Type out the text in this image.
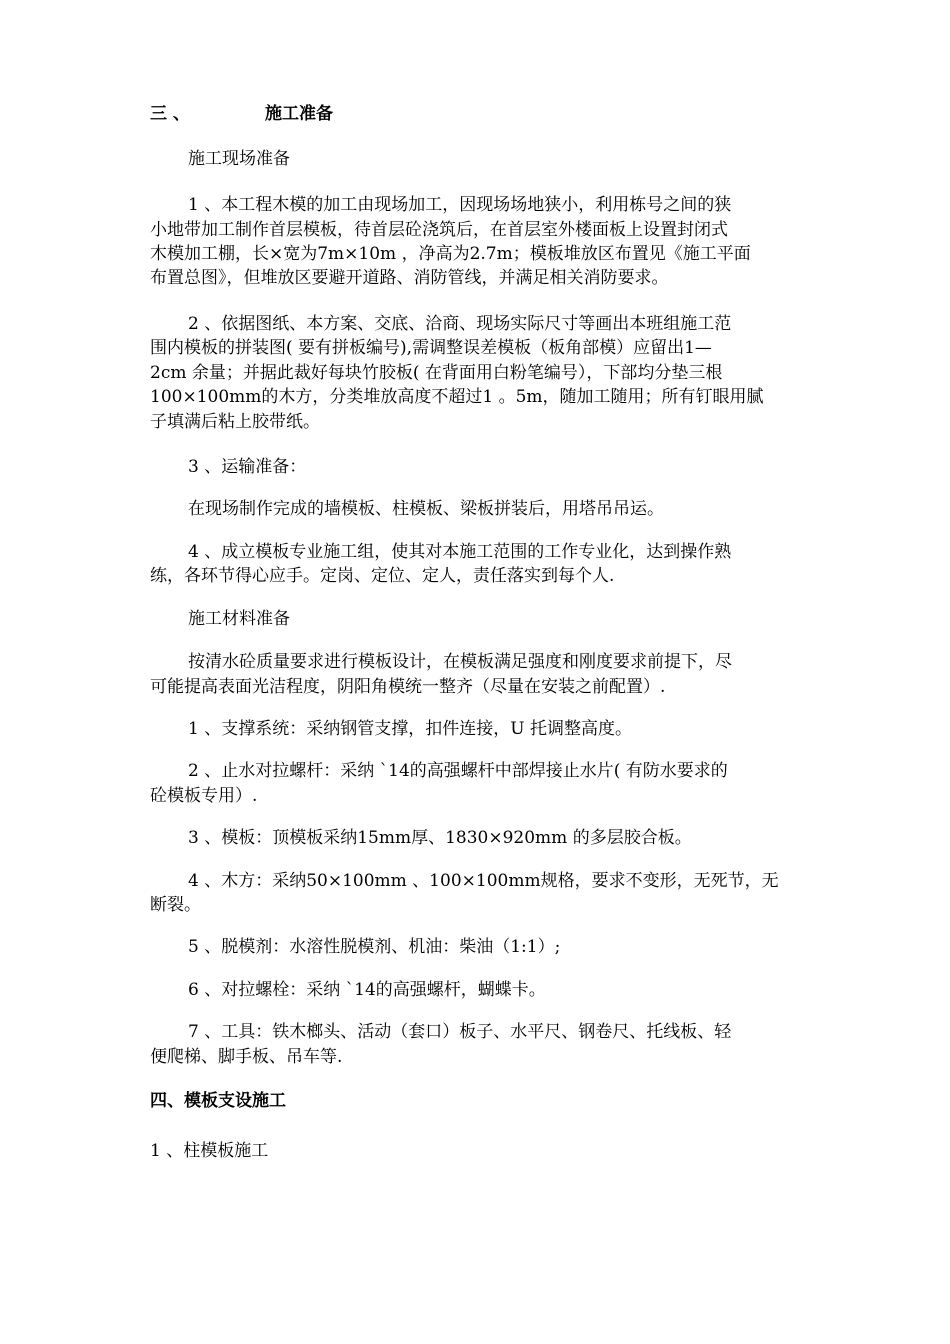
三 、	施工准备
施工现场准备
1 、本工程木模的加工由现场加工，因现场场地狭小，利用栋号之间的狭
小地带加工制作首层模板，待首层砼浇筑后，在首层室外楼面板上设置封闭式
木模加工棚，长×宽为7m×10m ，净高为2.7m；模板堆放区布置见《施工平面
布置总图》，但堆放区要避开道路、消防管线，并满足相关消防要求。
2 、依据图纸、本方案、交底、洽商、现场实际尺寸等画出本班组施工范
围内模板的拼装图( 要有拼板编号),需调整误差模板（板角部模）应留出1—
2cm 余量；并据此裁好每块竹胶板( 在背面用白粉笔编号），下部均分垫三根
100×100mm的木方，分类堆放高度不超过1 。5m，随加工随用；所有钉眼用腻
子填满后粘上胶带纸。
3 、运输准备：
在现场制作完成的墙模板、柱模板、梁板拼装后，用塔吊吊运。
4 、成立模板专业施工组，使其对本施工范围的工作专业化，达到操作熟
练，各环节得心应手。定岗、定位、定人，责任落实到每个人.
施工材料准备
按清水砼质量要求进行模板设计，在模板满足强度和刚度要求前提下，尽
可能提高表面光洁程度，阴阳角模统一整齐（尽量在安装之前配置）.
1 、支撑系统：采纳钢管支撑，扣件连接，U 托调整高度。
2 、止水对拉螺杆：采纳 `14的高强螺杆中部焊接止水片( 有防水要求的
砼模板专用）.
3 、模板：顶模板采纳15mm厚、1830×920mm 的多层胶合板。
4 、木方：采纳50×100mm 、100×100mm规格，要求不变形，无死节，无
断裂。
5 、脱模剂：水溶性脱模剂、机油：柴油（1:1）;
6 、对拉螺栓：采纳 `14的高强螺杆，蝴蝶卡。
7 、工具：铁木榔头、活动（套口）板子、水平尺、钢卷尺、托线板、轻
便爬梯、脚手板、吊车等.
四、模板支设施工
1 、柱模板施工
